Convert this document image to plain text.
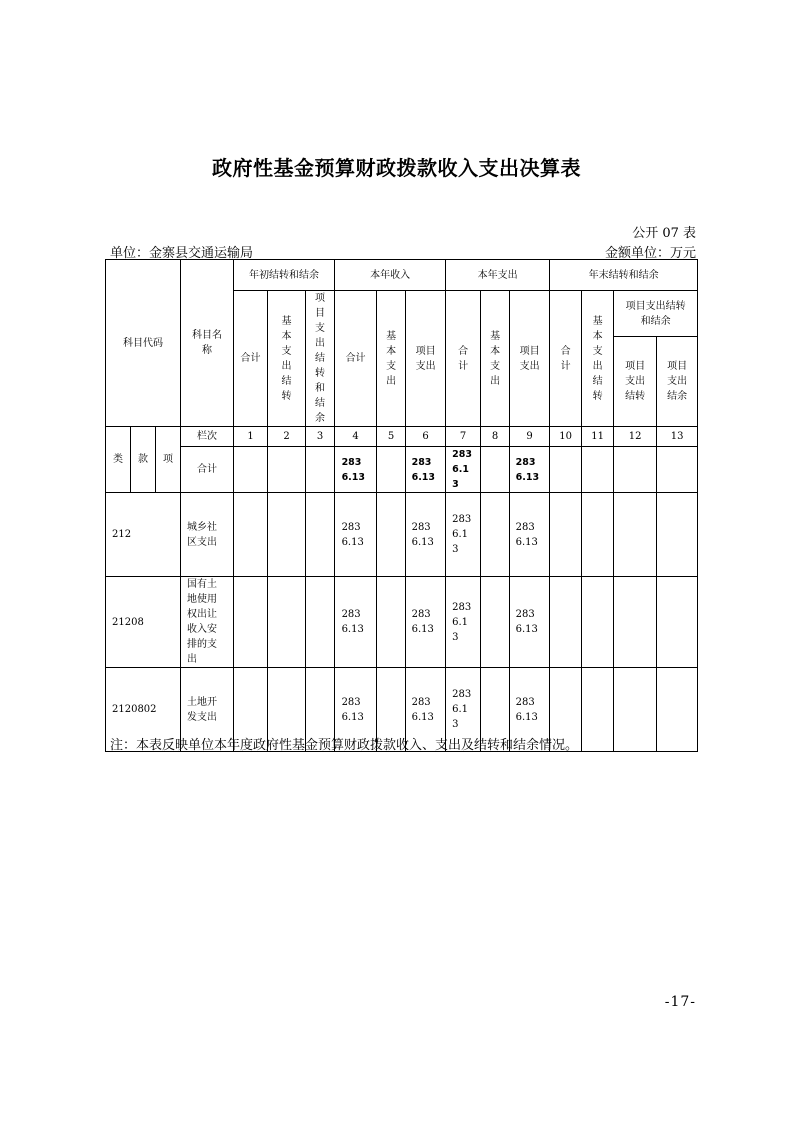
政府性基金预算财政拨款收入支出决算表
公开 07 表
单位：金寨县交通运输局	金额单位：万元
科目代码			科目名称	年初结转和结余			本年收入			本年支出			年末结转和结余			
				合计	基本支出结转	项目支出结转和结余	合计	基本支出	项目支出	合计	基本支出	项目支出	合计	基本支出结转	项目支出结转和结余	
															项目支出结转	项目支出结余
类	款	项	栏次	1	2	3	4	5	6	7	8	9	10	11	12	13
			合计				2836.13		2836.13	2836.13		2836.13				
212			城乡社区支出				2836.13		2836.13	2836.13		2836.13				
21208			国有土地使用权出让收入安排的支出				2836.13		2836.13	2836.13		2836.13				
2120802			土地开发支出				2836.13		2836.13	2836.13		2836.13				
注：本表反映单位本年度政府性基金预算财政拨款收入、支出及结转和结余情况。
-17-
